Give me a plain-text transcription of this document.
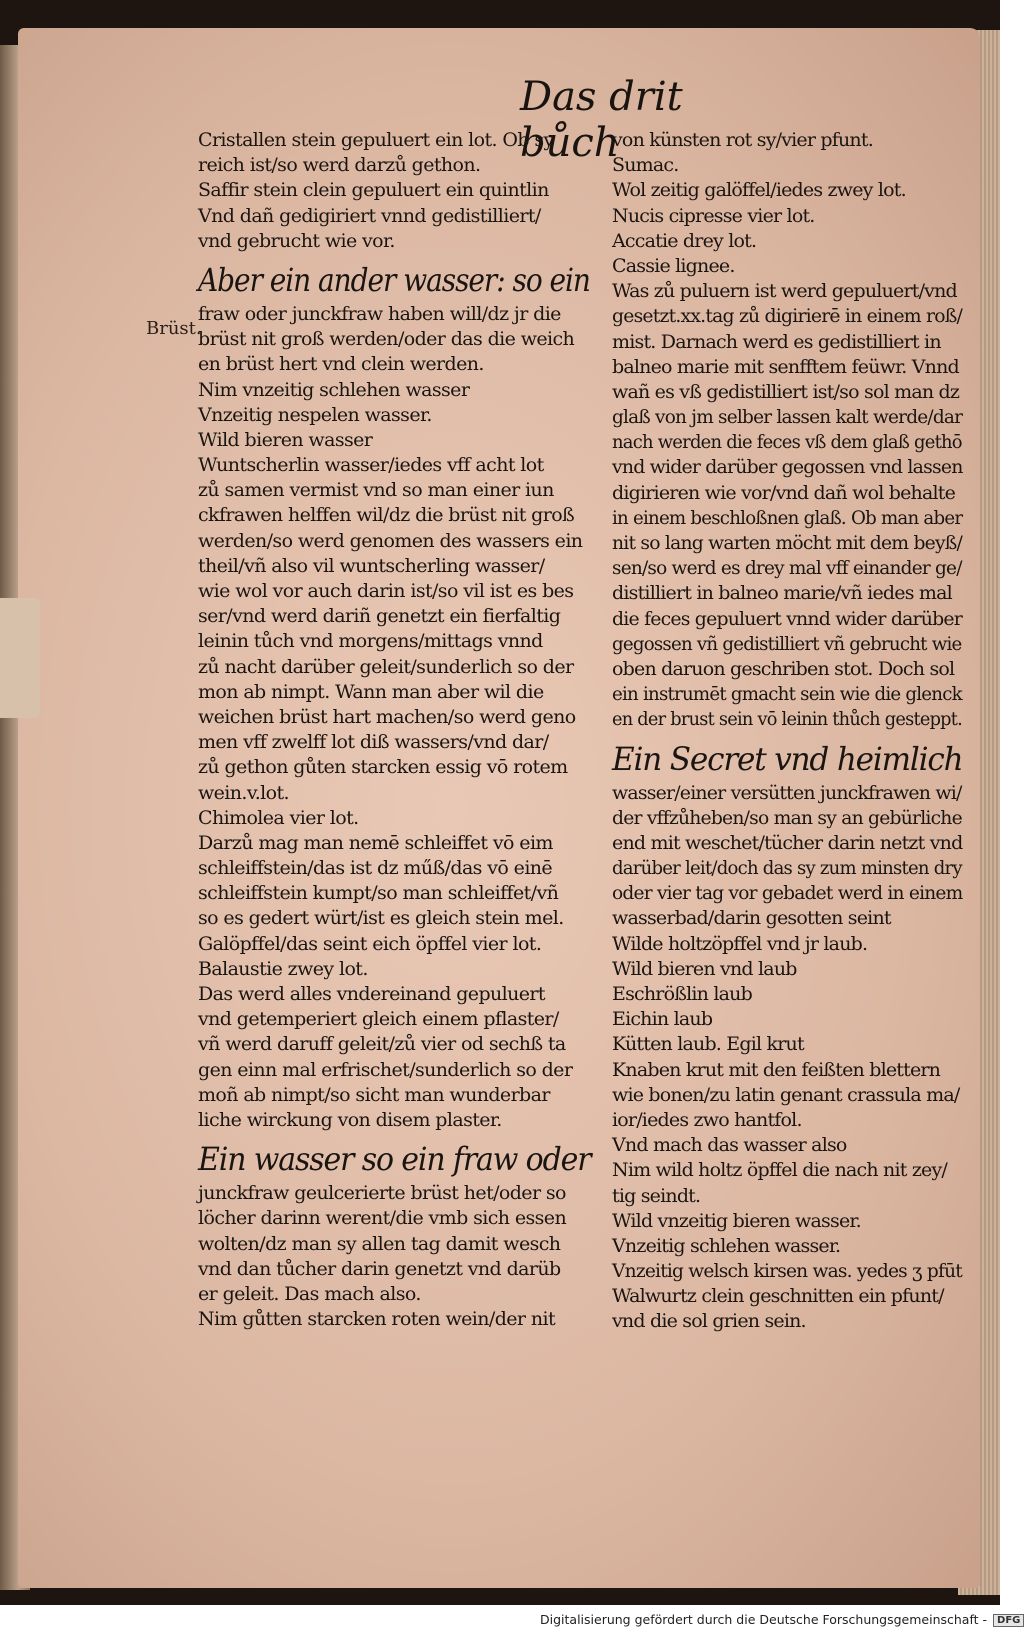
Das drit bůch
Brüst.
Cristallen stein gepuluert ein lot. Ob sy
reich ist/so werd darzů gethon.
Saffir stein clein gepuluert ein quintlin
Vnd dañ gedigiriert vnnd gedistilliert/
vnd gebrucht wie vor.
Aber ein ander wasser: so ein
fraw oder junckfraw haben will/dz jr die
brüst nit groß werden/oder das die weich
en brüst hert vnd clein werden.
Nim vnzeitig schlehen wasser
Vnzeitig nespelen wasser.
Wild bieren wasser
Wuntscherlin wasser/iedes vff acht lot
zů samen vermist vnd so man einer iun
ckfrawen helffen wil/dz die brüst nit groß
werden/so werd genomen des wassers ein
theil/vñ also vil wuntscherling wasser/
wie wol vor auch darin ist/so vil ist es bes
ser/vnd werd dariñ genetzt ein fierfaltig
leinin tůch vnd morgens/mittags vnnd
zů nacht darüber geleit/sunderlich so der
mon ab nimpt. Wann man aber wil die
weichen brüst hart machen/so werd geno
men vff zwelff lot diß wassers/vnd dar/
zů gethon gůten starcken essig vō rotem
wein.v.lot.
Chimolea vier lot.
Darzů mag man nemē schleiffet vō eim
schleiffstein/das ist dz műß/das vō einē
schleiffstein kumpt/so man schleiffet/vñ
so es gedert würt/ist es gleich stein mel.
Galöpffel/das seint eich öpffel vier lot.
Balaustie zwey lot.
Das werd alles vndereinand gepuluert
vnd getemperiert gleich einem pflaster/
vñ werd daruff geleit/zů vier od sechß ta
gen einn mal erfrischet/sunderlich so der
moñ ab nimpt/so sicht man wunderbar
liche wirckung von disem plaster.
Ein wasser so ein fraw oder
junckfraw geulcerierte brüst het/oder so
löcher darinn werent/die vmb sich essen
wolten/dz man sy allen tag damit wesch
vnd dan tůcher darin genetzt vnd darüb
er geleit. Das mach also.
Nim gůtten starcken roten wein/der nit
von künsten rot sy/vier pfunt.
Sumac.
Wol zeitig galöffel/iedes zwey lot.
Nucis cipresse vier lot.
Accatie drey lot.
Cassie lignee.
Was zů puluern ist werd gepuluert/vnd
gesetzt.xx.tag zů digirierē in einem roß/
mist. Darnach werd es gedistilliert in
balneo marie mit senfftem feüwr. Vnnd
wañ es vß gedistilliert ist/so sol man dz
glaß von jm selber lassen kalt werde/dar
nach werden die feces vß dem glaß gethō
vnd wider darüber gegossen vnd lassen
digirieren wie vor/vnd dañ wol behalte
in einem beschloßnen glaß. Ob man aber
nit so lang warten möcht mit dem beyß/
sen/so werd es drey mal vff einander ge/
distilliert in balneo marie/vñ iedes mal
die feces gepuluert vnnd wider darüber
gegossen vñ gedistilliert vñ gebrucht wie
oben daruon geschriben stot. Doch sol
ein instrumēt gmacht sein wie die glenck
en der brust sein vō leinin thůch gesteppt.
Ein Secret vnd heimlich
wasser/einer versütten junckfrawen wi/
der vffzůheben/so man sy an gebürliche
end mit weschet/tücher darin netzt vnd
darüber leit/doch das sy zum minsten dry
oder vier tag vor gebadet werd in einem
wasserbad/darin gesotten seint
Wilde holtzöpffel vnd jr laub.
Wild bieren vnd laub
Eschrößlin laub
Eichin laub
Kütten laub. Egil krut
Knaben krut mit den feißten blettern
wie bonen/zu latin genant crassula ma/
ior/iedes zwo hantfol.
Vnd mach das wasser also
Nim wild holtz öpffel die nach nit zey/
tig seindt.
Wild vnzeitig bieren wasser.
Vnzeitig schlehen wasser.
Vnzeitig welsch kirsen was. yedes ʒ pfūt
Walwurtz clein geschnitten ein pfunt/
vnd die sol grien sein.
Digitalisierung gefördert durch die Deutsche Forschungsgemeinschaft - DFG
